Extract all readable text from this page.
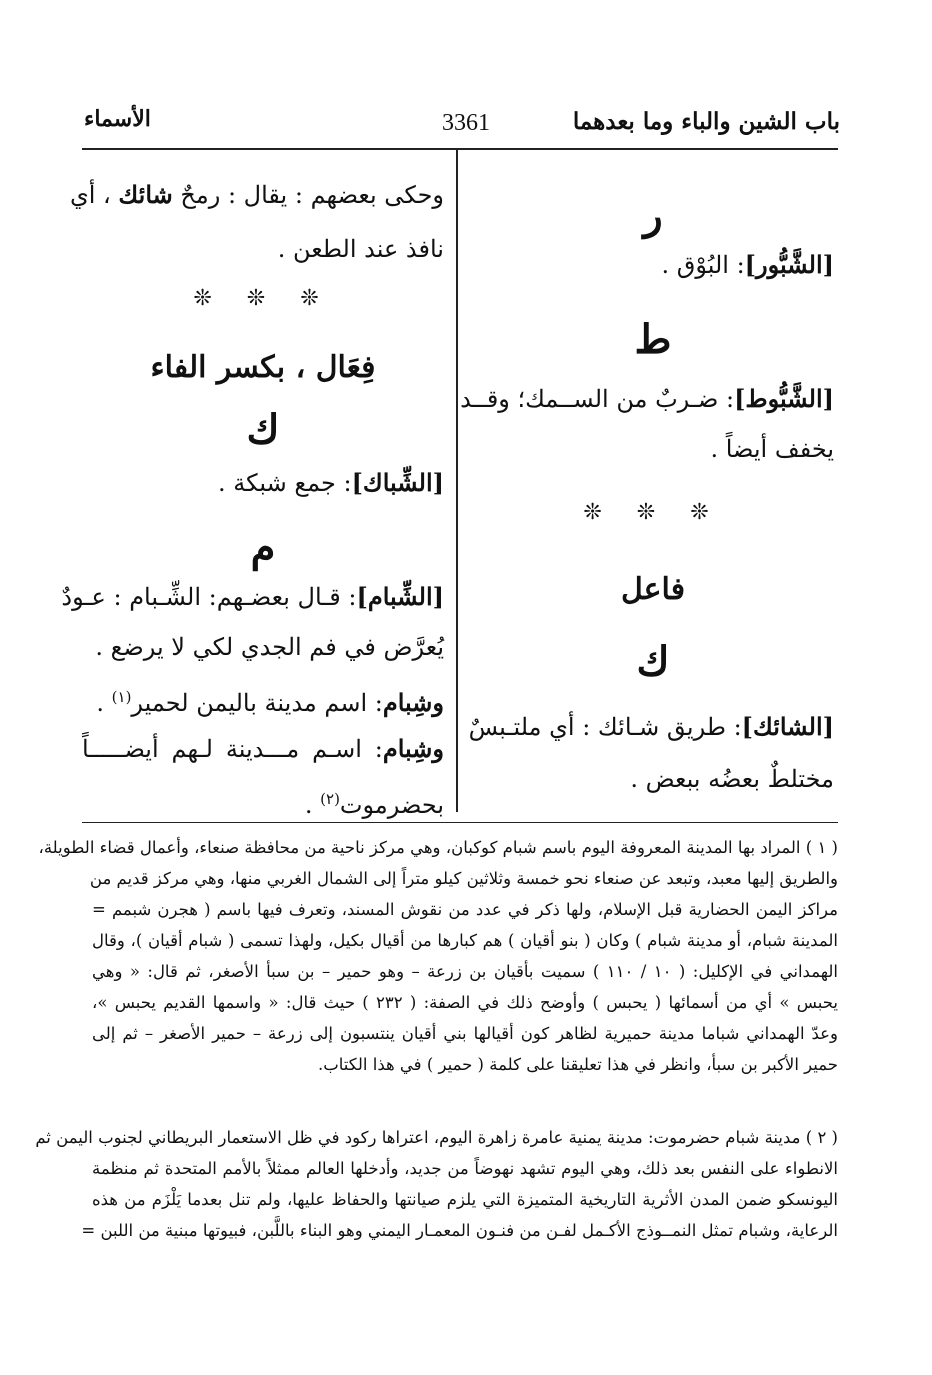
باب الشين والباء وما بعدهما
3361
الأسماء
ر
[الشَّبُّور]: البُوْق .
ط
[الشَّبُّوط]: ضـربٌ من الســمك؛ وقــد
يخفف أيضاً .
❊ ❊ ❊
فاعل
ك
[الشائك]: طريق شـائك : أي ملتـبسٌ
مختلطٌ بعضُه ببعض .
وحكى بعضهم : يقال : رمحٌ شائك ، أي
نافذ عند الطعن .
❊ ❊ ❊
فِعَال ، بكسر الفاء
ك
[الشِّباك]: جمع شبكة .
م
[الشِّبام]: قـال بعضـهم: الشِّـبام : عـودٌ
يُعرَّض في فم الجدي لكي لا يرضع .
وشِبام: اسم مدينة باليمن لحمير$^{(١)}$ .
وشِبام: اسـم مـــدينة لـهم أيضـــــاً
بحضرموت$^{(٢)}$ .
( ١ ) المراد بها المدينة المعروفة اليوم باسم شبام كوكبان، وهي مركز ناحية من محافظة صنعاء، وأعمال قضاء الطويلة،
والطريق إليها معبد، وتبعد عن صنعاء نحو خمسة وثلاثين كيلو متراً إلى الشمال الغربي منها، وهي مركز قديم من
مراكز اليمن الحضارية قبل الإسلام، ولها ذكر في عدد من نقوش المسند، وتعرف فيها باسم ( هجرن شبمم =
المدينة شبام، أو مدينة شبام ) وكان ( بنو أقيان ) هم كبارها من أقيال بكيل، ولهذا تسمى ( شبام أقيان )، وقال
الهمداني في الإكليل: ( ١٠ / ١١٠ ) سميت بأقيان بن زرعة – وهو حمير – بن سبأ الأصغر، ثم قال: « وهي
يحبس » أي من أسمائها ( يحبس ) وأوضح ذلك في الصفة: ( ٢٣٢ ) حيث قال: « واسمها القديم يحبس »،
وعدّ الهمداني شباما مدينة حميرية لظاهر كون أقيالها بني أقيان ينتسبون إلى زرعة – حمير الأصغر – ثم إلى
حمير الأكبر بن سبأ، وانظر في هذا تعليقنا على كلمة ( حمير ) في هذا الكتاب.
( ٢ ) مدينة شبام حضرموت: مدينة يمنية عامرة زاهرة اليوم، اعتراها ركود في ظل الاستعمار البريطاني لجنوب اليمن ثم
الانطواء على النفس بعد ذلك، وهي اليوم تشهد نهوضاً من جديد، وأدخلها العالم ممثلاً بالأمم المتحدة ثم منظمة
اليونسكو ضمن المدن الأثرية التاريخية المتميزة التي يلزم صيانتها والحفاظ عليها، ولم تنل بعدما يَلْزَم من هذه
الرعاية، وشبام تمثل النمــوذج الأكـمل لفـن من فنـون المعمـار اليمني وهو البناء باللَّبن، فبيوتها مبنية من اللبن =
